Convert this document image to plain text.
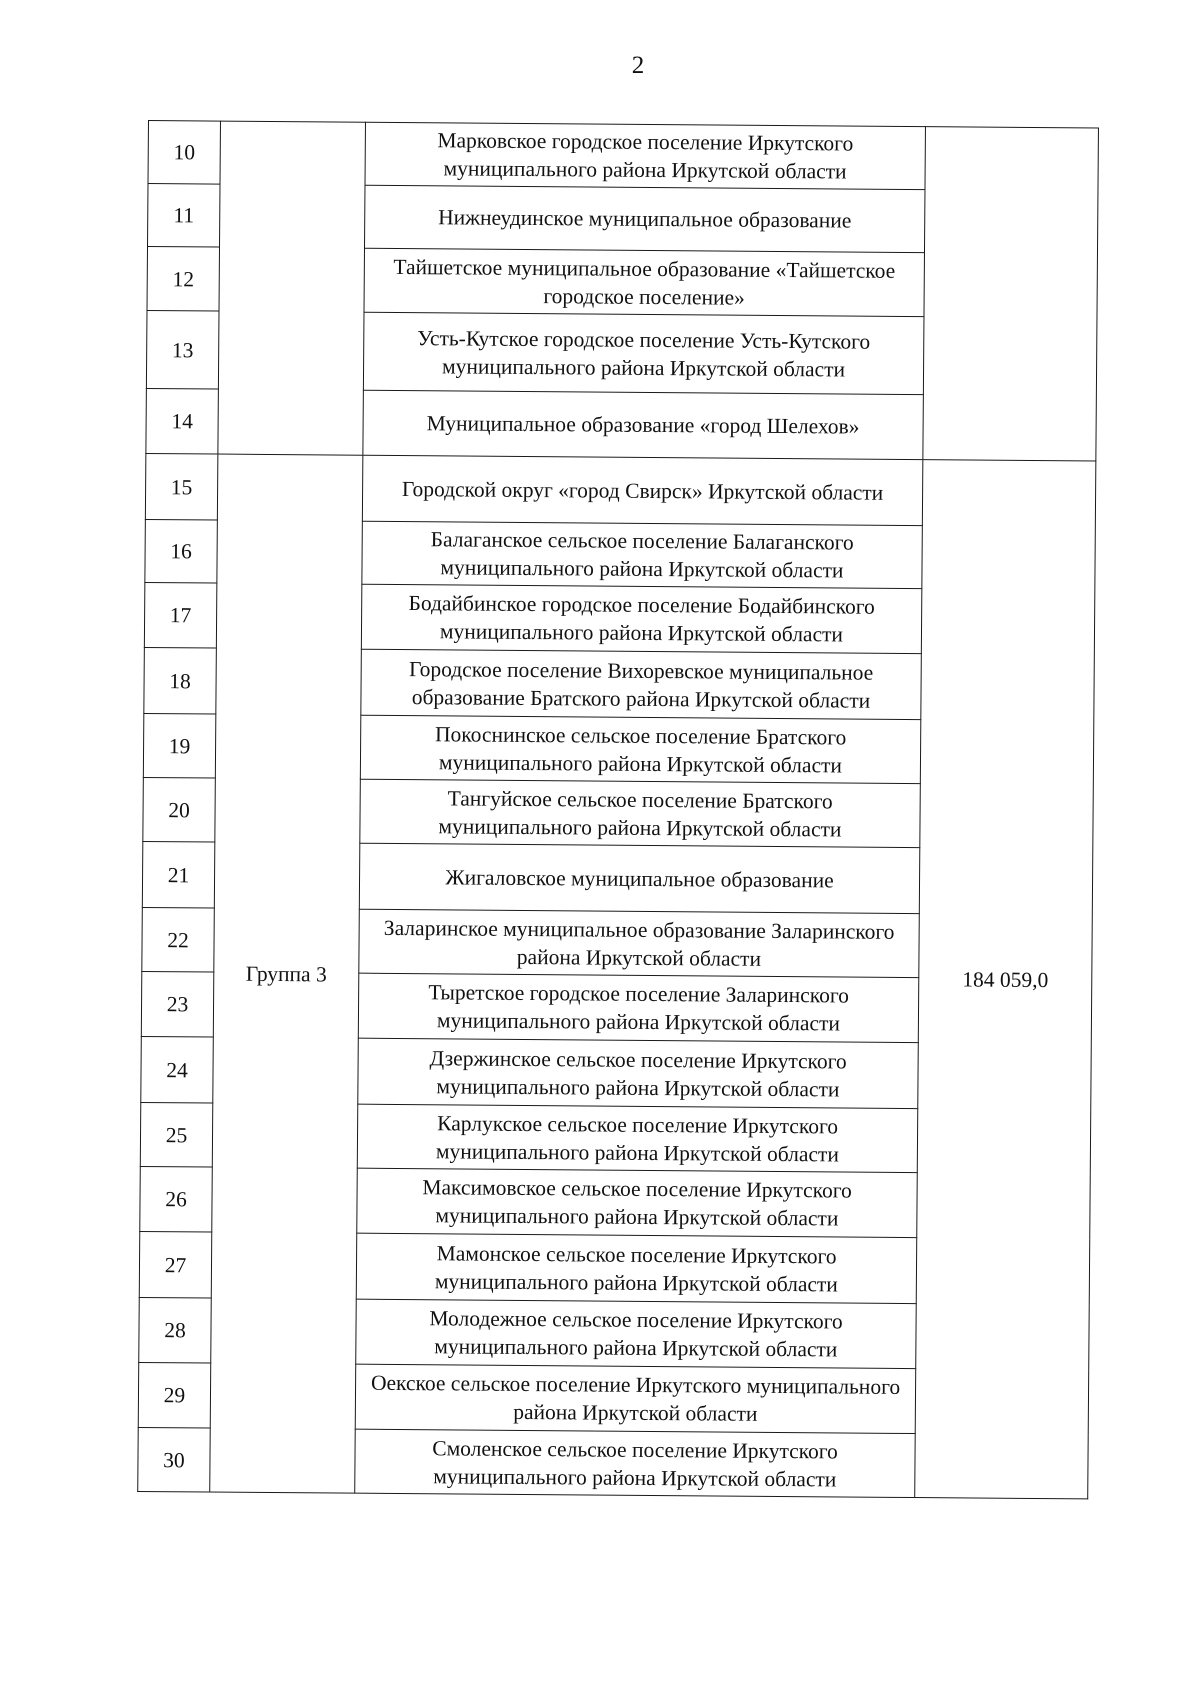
2
10		Марковское городское поселение Иркутского муниципального района Иркутской области	
11		Нижнеудинское муниципальное образование	
12		Тайшетское муниципальное образование «Тайшетское городское поселение»	
13		Усть-Кутское городское поселение Усть-Кутского муниципального района Иркутской области	
14		Муниципальное образование «город Шелехов»	
15	Группа 3	Городской округ «город Свирск» Иркутской области	184 059,0
16		Балаганское сельское поселение Балаганского муниципального района Иркутской области	
17		Бодайбинское городское поселение Бодайбинского муниципального района Иркутской области	
18		Городское поселение Вихоревское муниципальное образование Братского района Иркутской области	
19		Покоснинское сельское поселение Братского муниципального района Иркутской области	
20		Тангуйское сельское поселение Братского муниципального района Иркутской области	
21		Жигаловское муниципальное образование	
22		Заларинское муниципальное образование Заларинского района Иркутской области	
23		Тыретское городское поселение Заларинского муниципального района Иркутской области	
24		Дзержинское сельское поселение Иркутского муниципального района Иркутской области	
25		Карлукское сельское поселение Иркутского муниципального района Иркутской области	
26		Максимовское сельское поселение Иркутского муниципального района Иркутской области	
27		Мамонское сельское поселение Иркутского муниципального района Иркутской области	
28		Молодежное сельское поселение Иркутского муниципального района Иркутской области	
29		Оекское сельское поселение Иркутского муниципального района Иркутской области	
30		Смоленское сельское поселение Иркутского муниципального района Иркутской области	
